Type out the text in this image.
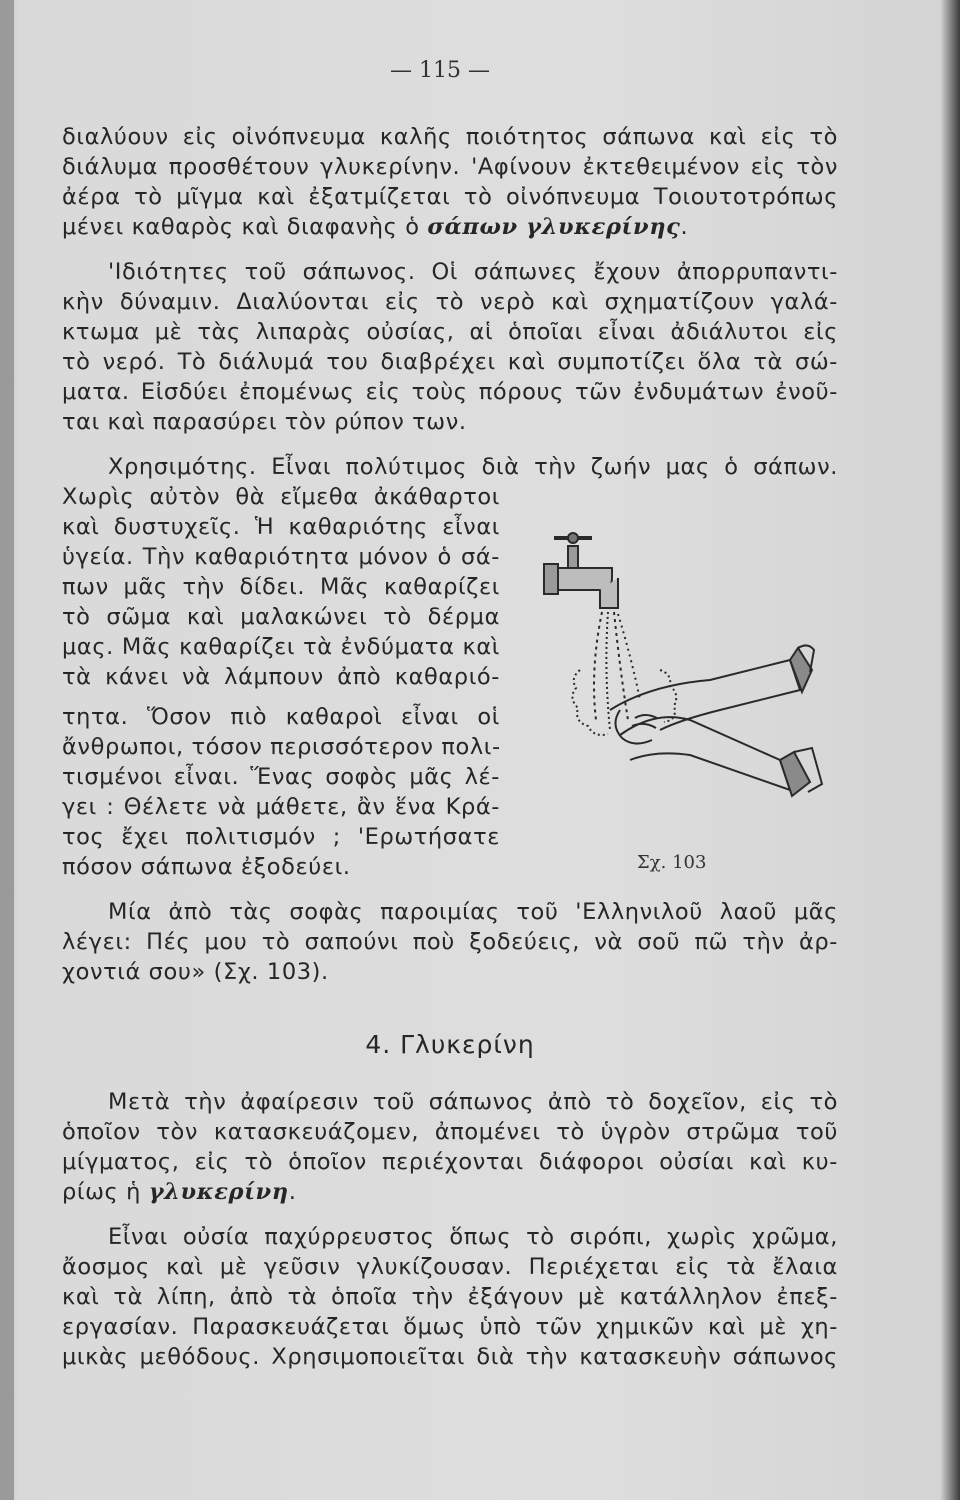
— 115 —
διαλύουν εἰς οἰνόπνευμα καλῆς ποιότητος σάπωνα καὶ εἰς τὸ
διάλυμα προσθέτουν γλυκερίνην. 'Αφίνουν ἐκτεθειμένον εἰς τὸν
ἀέρα τὸ μῖγμα καὶ ἐξατμίζεται τὸ οἰνόπνευμα Τοιουτοτρόπως
μένει καθαρὸς καὶ διαφανὴς ὁ σάπων γλυκερίνης.
'Ιδιότητες τοῦ σάπωνος. Οἱ σάπωνες ἔχουν ἀπορρυπαντι-
κὴν δύναμιν. Διαλύονται εἰς τὸ νερὸ καὶ σχηματίζουν γαλά-
κτωμα μὲ τὰς λιπαρὰς οὐσίας, αἱ ὁποῖαι εἶναι ἀδιάλυτοι εἰς
τὸ νερό. Τὸ διάλυμά του διαβρέχει καὶ συμποτίζει ὅλα τὰ σώ-
ματα. Εἰσδύει ἐπομένως εἰς τοὺς πόρους τῶν ἐνδυμάτων ἐνοῦ-
ται καὶ παρασύρει τὸν ρύπον των.
Χρησιμότης. Εἶναι πολύτιμος διὰ τὴν ζωήν μας ὁ σάπων.
Χωρὶς αὐτὸν θὰ εἴμεθα ἀκάθαρτοι
καὶ δυστυχεῖς. Ἡ καθαριότης εἶναι
ὑγεία. Τὴν καθαριότητα μόνον ὁ σά-
πων μᾶς τὴν δίδει. Μᾶς καθαρίζει
τὸ σῶμα καὶ μαλακώνει τὸ δέρμα
μας. Μᾶς καθαρίζει τὰ ἐνδύματα καὶ
τὰ κάνει νὰ λάμπουν ἀπὸ καθαριό-
τητα. Ὅσον πιὸ καθαροὶ εἶναι οἱ
ἄνθρωποι, τόσον περισσότερον πολι-
τισμένοι εἶναι. Ἕνας σοφὸς μᾶς λέ-
γει : Θέλετε νὰ μάθετε, ἂν ἕνα Κρά-
τος ἔχει πολιτισμόν ; 'Ερωτήσατε
πόσον σάπωνα ἐξοδεύει.
Μία ἀπὸ τὰς σοφὰς παροιμίας τοῦ 'Ελληνιλοῦ λαοῦ μᾶς
λέγει: Πές μου τὸ σαπούνι ποὺ ξοδεύεις, νὰ σοῦ πῶ τὴν ἀρ-
χοντιά σου» (Σχ. 103).
Μετὰ τὴν ἀφαίρεσιν τοῦ σάπωνος ἀπὸ τὸ δοχεῖον, εἰς τὸ
ὁποῖον τὸν κατασκευάζομεν, ἀπομένει τὸ ὑγρὸν στρῶμα τοῦ
μίγματος, εἰς τὸ ὁποῖον περιέχονται διάφοροι οὐσίαι καὶ κυ-
ρίως ἡ γλυκερίνη.
Εἶναι οὐσία παχύρρευστος ὅπως τὸ σιρόπι, χωρὶς χρῶμα,
ἄοσμος καὶ μὲ γεῦσιν γλυκίζουσαν. Περιέχεται εἰς τὰ ἔλαια
καὶ τὰ λίπη, ἀπὸ τὰ ὁποῖα τὴν ἐξάγουν μὲ κατάλληλον ἐπεξ-
εργασίαν. Παρασκευάζεται ὅμως ὑπὸ τῶν χημικῶν καὶ μὲ χη-
μικὰς μεθόδους. Χρησιμοποιεῖται διὰ τὴν κατασκευὴν σάπωνος
4. Γλυκερίνη
Σχ. 103
